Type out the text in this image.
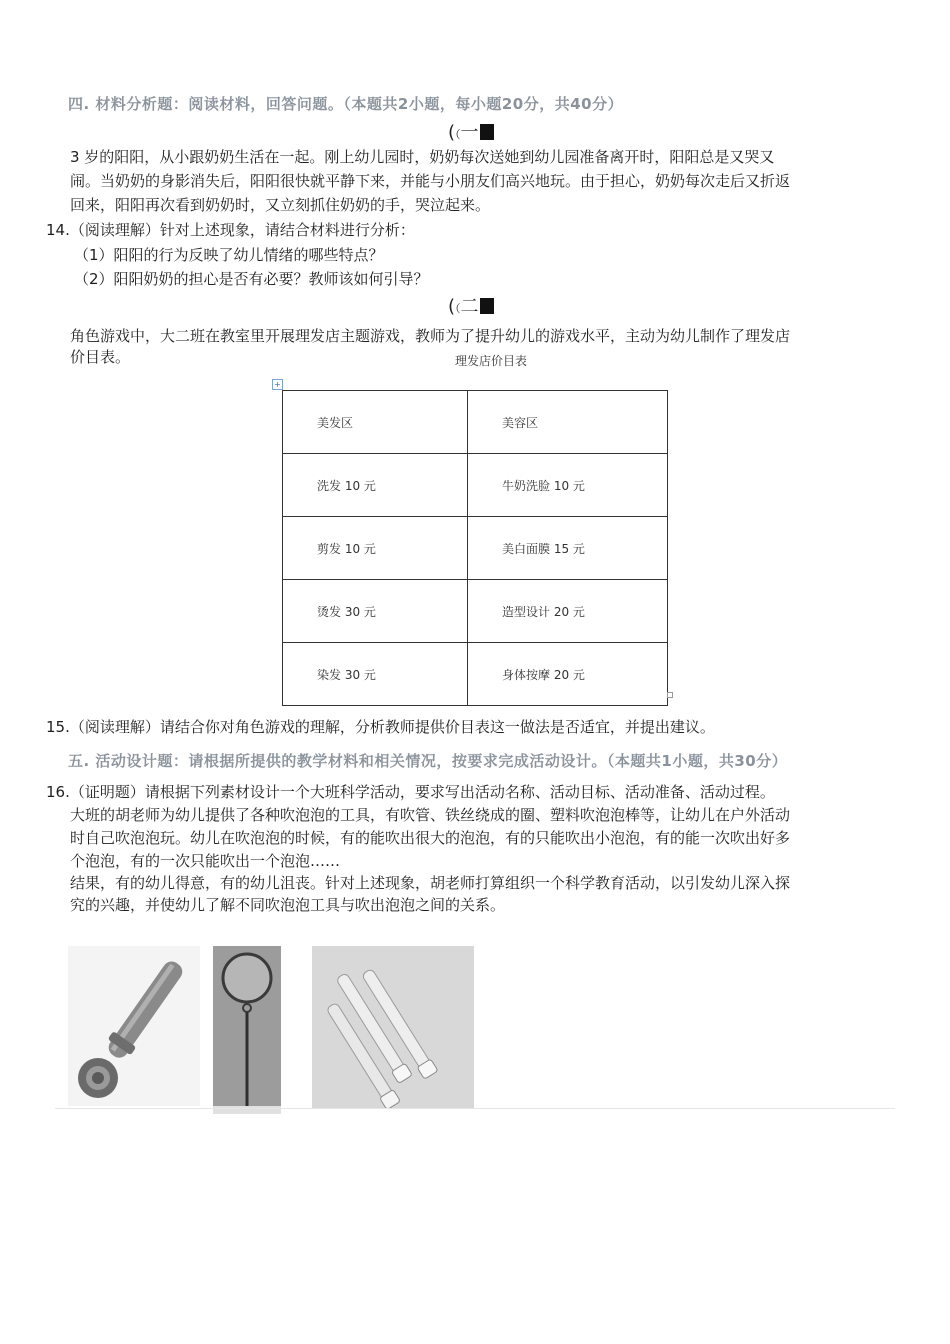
四. 材料分析题：阅读材料，回答问题。（本题共2小题，每小题20分，共40分）
(（一
3 岁的阳阳，从小跟奶奶生活在一起。刚上幼儿园时，奶奶每次送她到幼儿园准备离开时，阳阳总是又哭又
闹。当奶奶的身影消失后，阳阳很快就平静下来，并能与小朋友们高兴地玩。由于担心，奶奶每次走后又折返
回来，阳阳再次看到奶奶时，又立刻抓住奶奶的手，哭泣起来。
14.（阅读理解）针对上述现象，请结合材料进行分析：
（1）阳阳的行为反映了幼儿情绪的哪些特点？
（2）阳阳奶奶的担心是否有必要？教师该如何引导？
(（二
角色游戏中，大二班在教室里开展理发店主题游戏，教师为了提升幼儿的游戏水平，主动为幼儿制作了理发店
价目表。	理发店价目表
+
美发区	美容区
洗发 10 元	牛奶洗脸 10 元
剪发 10 元	美白面膜 15 元
烫发 30 元	造型设计 20 元
染发 30 元	身体按摩 20 元
15.（阅读理解）请结合你对角色游戏的理解，分析教师提供价目表这一做法是否适宜，并提出建议。
五. 活动设计题：请根据所提供的教学材料和相关情况，按要求完成活动设计。（本题共1小题，共30分）
16.（证明题）请根据下列素材设计一个大班科学活动，要求写出活动名称、活动目标、活动准备、活动过程。
大班的胡老师为幼儿提供了各种吹泡泡的工具，有吹管、铁丝绕成的圈、塑料吹泡泡棒等，让幼儿在户外活动
时自己吹泡泡玩。幼儿在吹泡泡的时候，有的能吹出很大的泡泡，有的只能吹出小泡泡，有的能一次吹出好多
个泡泡，有的一次只能吹出一个泡泡……
结果，有的幼儿得意，有的幼儿沮丧。针对上述现象，胡老师打算组织一个科学教育活动，以引发幼儿深入探
究的兴趣，并使幼儿了解不同吹泡泡工具与吹出泡泡之间的关系。
